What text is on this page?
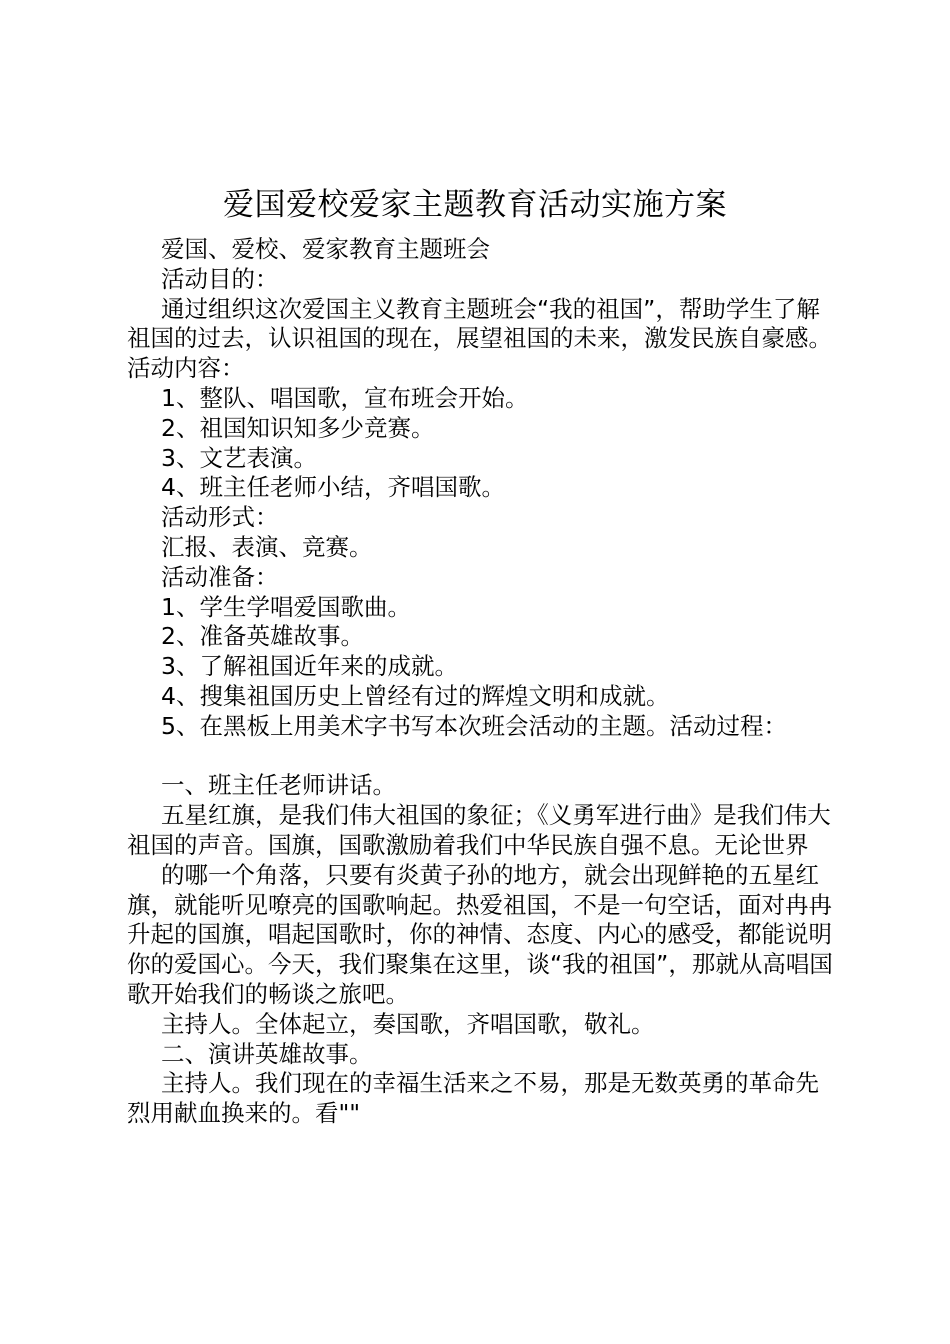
爱国爱校爱家主题教育活动实施方案

爱国、爱校、爱家教育主题班会

活动目的：

通过组织这次爱国主义教育主题班会“我的祖国”，帮助学生了解祖国的过去，认识祖国的现在，展望祖国的未来，激发民族自豪感。活动内容：

1、整队、唱国歌，宣布班会开始。

2、祖国知识知多少竞赛。

3、文艺表演。

4、班主任老师小结，齐唱国歌。

活动形式：

汇报、表演、竞赛。

活动准备：

1、学生学唱爱国歌曲。

2、准备英雄故事。

3、了解祖国近年来的成就。

4、搜集祖国历史上曾经有过的辉煌文明和成就。

5、在黑板上用美术字书写本次班会活动的主题。活动过程：

一、班主任老师讲话。

五星红旗，是我们伟大祖国的象征；《义勇军进行曲》是我们伟大祖国的声音。国旗，国歌激励着我们中华民族自强不息。无论世界

的哪一个角落，只要有炎黄子孙的地方，就会出现鲜艳的五星红旗，就能听见嘹亮的国歌响起。热爱祖国，不是一句空话，面对冉冉升起的国旗，唱起国歌时，你的神情、态度、内心的感受，都能说明你的爱国心。今天，我们聚集在这里，谈“我的祖国”，那就从高唱国歌开始我们的畅谈之旅吧。

主持人。全体起立，奏国歌，齐唱国歌，敬礼。

二、演讲英雄故事。

主持人。我们现在的幸福生活来之不易，那是无数英勇的革命先烈用献血换来的。看""
